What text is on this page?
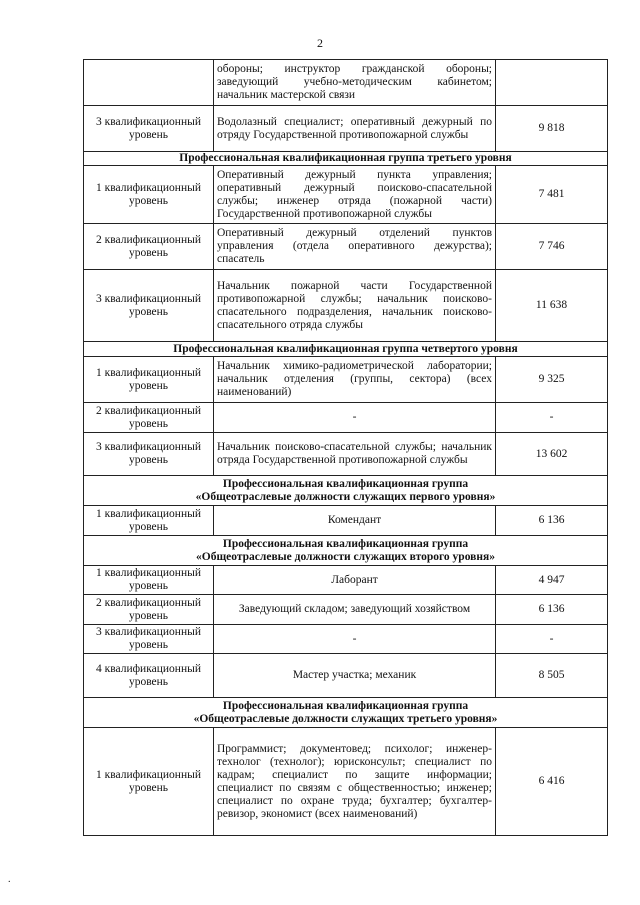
2
	обороны; инструктор гражданской обороны; заведующий учебно-методическим кабинетом; начальник мастерской связи	
3 квалификационный уровень	Водолазный специалист; оперативный дежурный по отряду Государственной противопожарной службы	9 818

Профессиональная квалификационная группа третьего уровня		

1 квалификационный уровень	Оперативный дежурный пункта управления; оперативный дежурный поисково-спасательной службы; инженер отряда (пожарной части) Государственной противопожарной службы	7 481
2 квалификационный уровень	Оперативный дежурный отделений пунктов управления (отдела оперативного дежурства); спасатель	7 746
3 квалификационный уровень	Начальник пожарной части Государственной противопожарной службы; начальник поисково-спасательного подразделения, начальник поисково-спасательного отряда службы	11 638

Профессиональная квалификационная группа четвертого уровня		

1 квалификационный уровень	Начальник химико-радиометрической лаборатории; начальник отделения (группы, сектора) (всех наименований)	9 325
2 квалификационный уровень	-	-
3 квалификационный уровень	Начальник поисково-спасательной службы; начальник отряда Государственной противопожарной службы	13 602

Профессиональная квалификационная группа
«Общеотраслевые должности служащих первого уровня»		

1 квалификационный уровень	Комендант	6 136

Профессиональная квалификационная группа
«Общеотраслевые должности служащих второго уровня»		

1 квалификационный уровень	Лаборант	4 947
2 квалификационный уровень	Заведующий складом; заведующий хозяйством	6 136
3 квалификационный уровень	-	-
4 квалификационный уровень	Мастер участка; механик	8 505

Профессиональная квалификационная группа
«Общеотраслевые должности служащих третьего уровня»		

1 квалификационный уровень	Программист; документовед; психолог; инженер-технолог (технолог); юрисконсульт; специалист по кадрам; специалист по защите информации; специалист по связям с общественностью; инженер; специалист по охране труда; бухгалтер; бухгалтер-ревизор, экономист (всех наименований)	6 416
.
